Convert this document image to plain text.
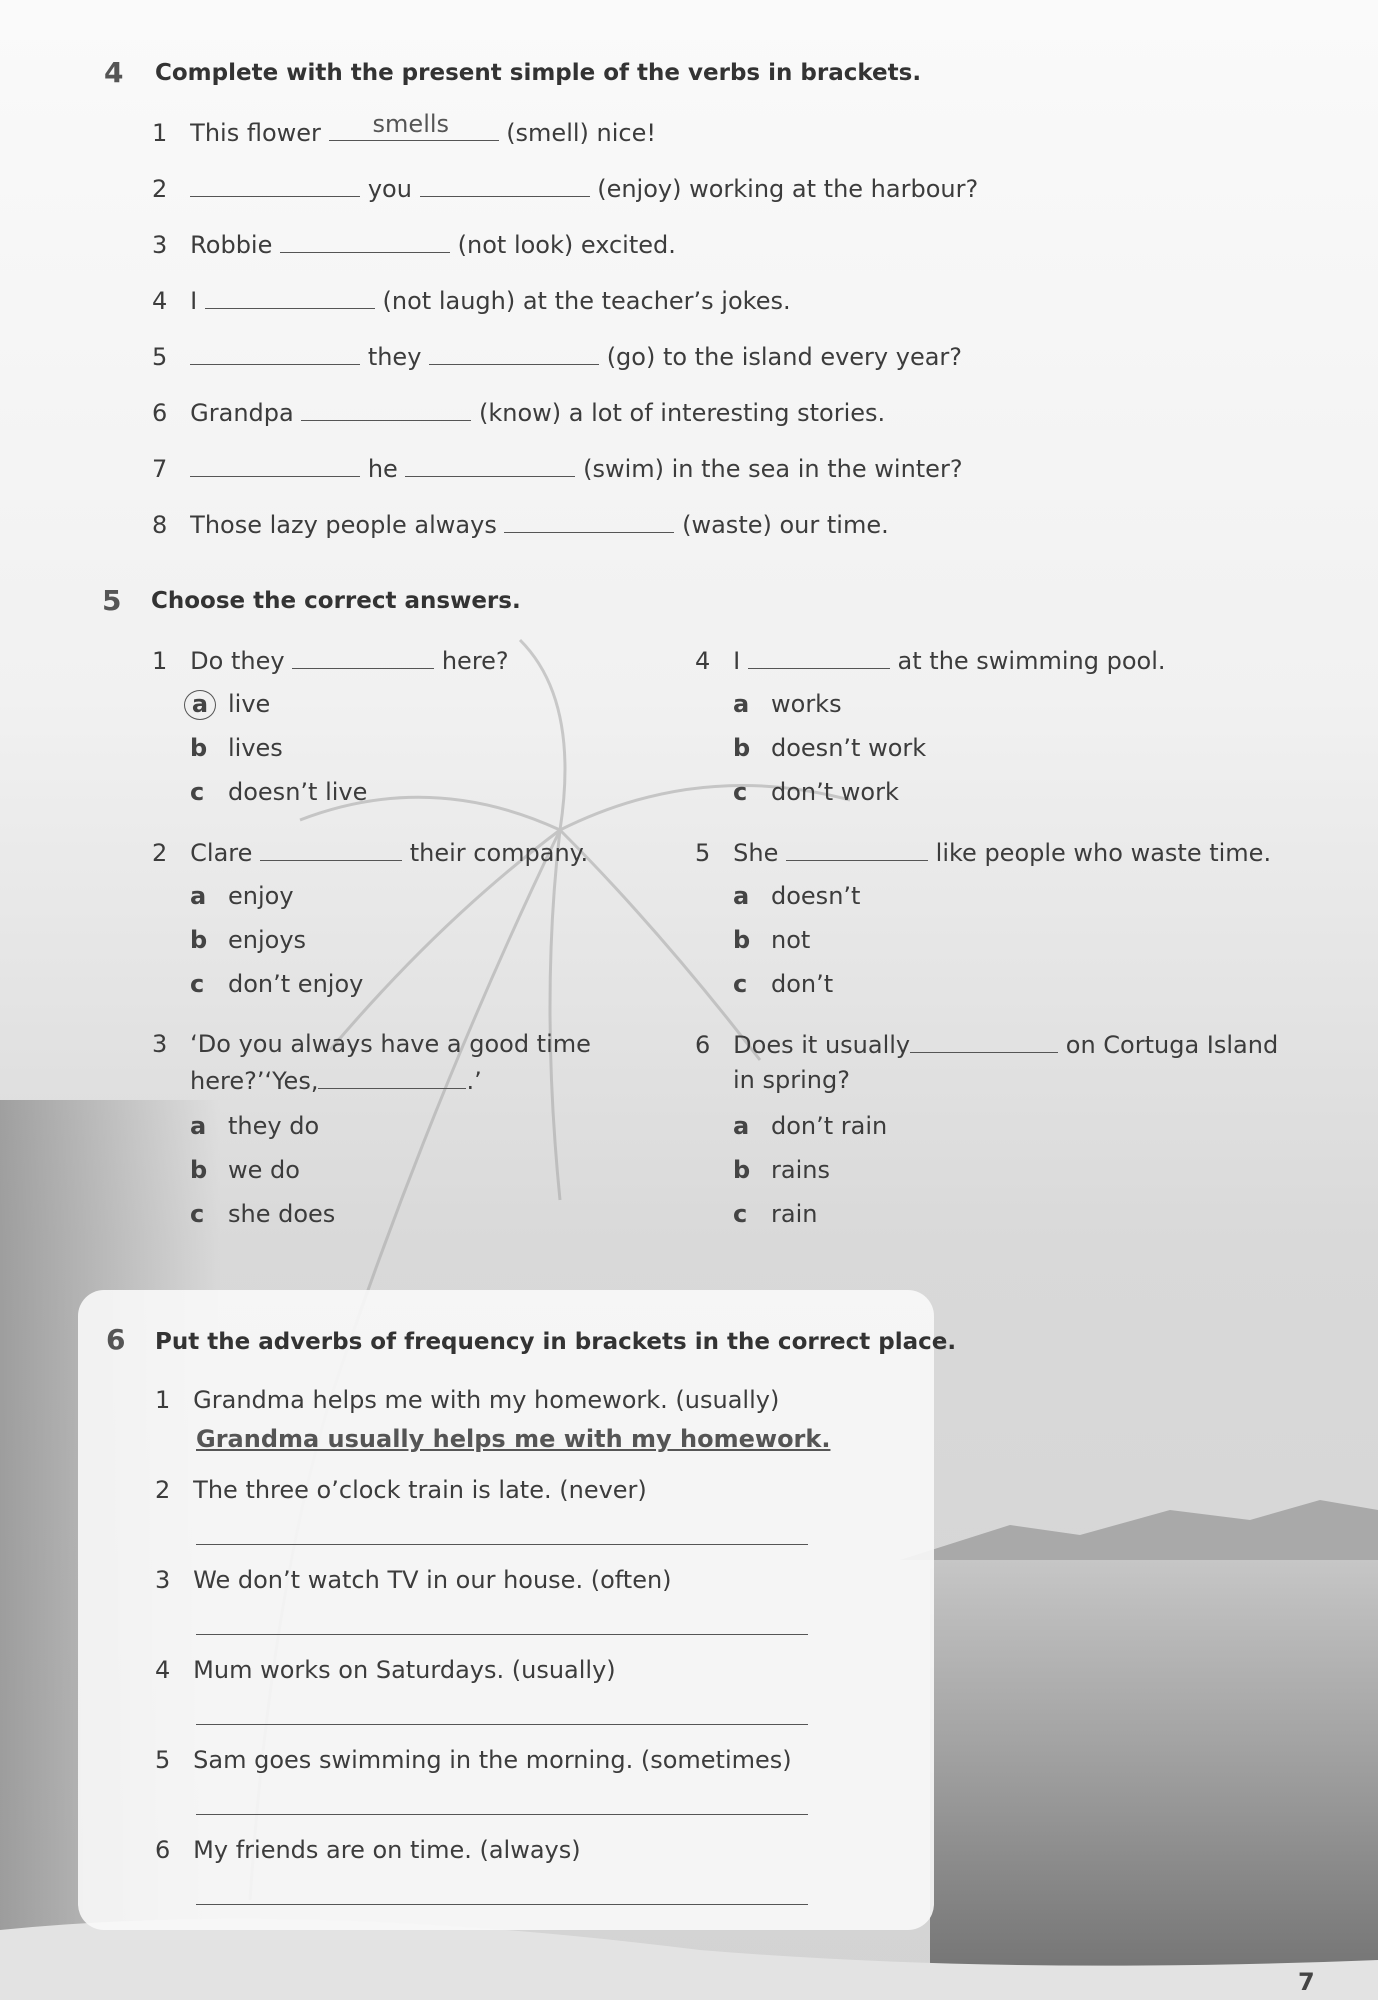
4 Complete with the present simple of the verbs in brackets.
1 This flower smells (smell) nice!
2	you	(enjoy) working at the harbour?
3 Robbie	(not look) excited.
4 I	(not laugh) at the teacher’s jokes.
5	they	(go) to the island every year?
6 Grandpa	(know) a lot of interesting stories.
7	he	(swim) in the sea in the winter?
8 Those lazy people always	(waste) our time.
5 Choose the correct answers.
1 Do they	here?
a live
b lives
c doesn’t live
2 Clare	their company.
a enjoy
b enjoys
c don’t enjoy
3 ‘Do you always have a good time
here?’‘Yes,	.’
a they do
b we do
c she does
4 I	at the swimming pool.
a works
b doesn’t work
c don’t work
5 She	like people who waste time.
a doesn’t
b not
c don’t
6 Does it usually	on Cortuga Island
in spring?
a don’t rain
b rains
c rain
6 Put the adverbs of frequency in brackets in the correct place.
1 Grandma helps me with my homework. (usually)
Grandma usually helps me with my homework.
2 The three o’clock train is late. (never)
3 We don’t watch TV in our house. (often)
4 Mum works on Saturdays. (usually)
5 Sam goes swimming in the morning. (sometimes)
6 My friends are on time. (always)
7
